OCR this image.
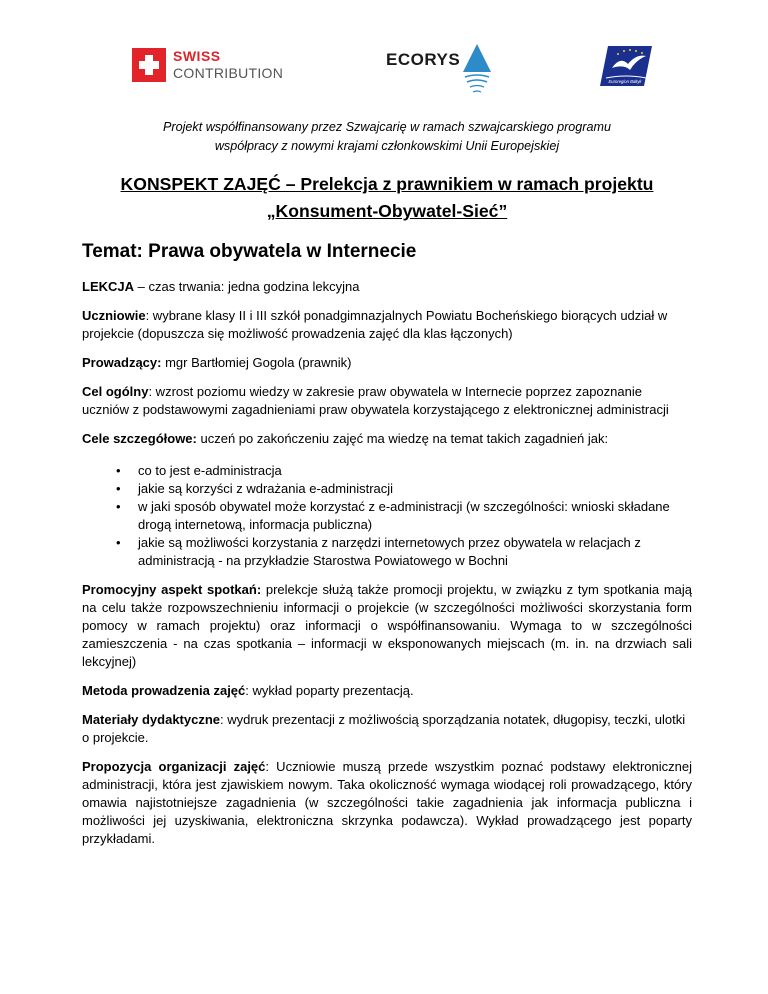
SWISS
CONTRIBUTION
ECORYS
Euroregion Bałtyk
Projekt współfinansowany przez Szwajcarię w ramach szwajcarskiego programu
współpracy z nowymi krajami członkowskimi Unii Europejskiej
KONSPEKT ZAJĘĆ – Prelekcja z prawnikiem w ramach projektu
„Konsument-Obywatel-Sieć”
Temat: Prawa obywatela w Internecie

LEKCJA – czas trwania: jedna godzina lekcyjna

Uczniowie: wybrane klasy II i III szkół ponadgimnazjalnych Powiatu Bocheńskiego biorących udział w projekcie (dopuszcza się możliwość prowadzenia zajęć dla klas łączonych)

Prowadzący: mgr Bartłomiej Gogola (prawnik)

Cel ogólny: wzrost poziomu wiedzy w zakresie praw obywatela w Internecie poprzez zapoznanie uczniów z podstawowymi zagadnieniami praw obywatela korzystającego z elektronicznej administracji

Cele szczegółowe: uczeń po zakończeniu zajęć ma wiedzę na temat takich zagadnień jak:

• co to jest e-administracja
• jakie są korzyści z wdrażania e-administracji
• w jaki sposób obywatel może korzystać z e-administracji (w szczególności: wnioski składane drogą internetową, informacja publiczna)
• jakie są możliwości korzystania z narzędzi internetowych przez obywatela w relacjach z administracją - na przykładzie Starostwa Powiatowego w Bochni

Promocyjny aspekt spotkań: prelekcje służą także promocji projektu, w związku z tym spotkania mają na celu także rozpowszechnieniu informacji o projekcie (w szczególności możliwości skorzystania form pomocy w ramach projektu) oraz informacji o współfinansowaniu. Wymaga to w szczególności zamieszczenia - na czas spotkania – informacji w eksponowanych miejscach (m. in. na drzwiach sali lekcyjnej)

Metoda prowadzenia zajęć: wykład poparty prezentacją.

Materiały dydaktyczne: wydruk prezentacji z możliwością sporządzania notatek, długopisy, teczki, ulotki o projekcie.

Propozycja organizacji zajęć: Uczniowie muszą przede wszystkim poznać podstawy elektronicznej administracji, która jest zjawiskiem nowym. Taka okoliczność wymaga wiodącej roli prowadzącego, który omawia najistotniejsze zagadnienia (w szczególności takie zagadnienia jak informacja publiczna i możliwości jej uzyskiwania, elektroniczna skrzynka podawcza). Wykład prowadzącego jest poparty przykładami.
